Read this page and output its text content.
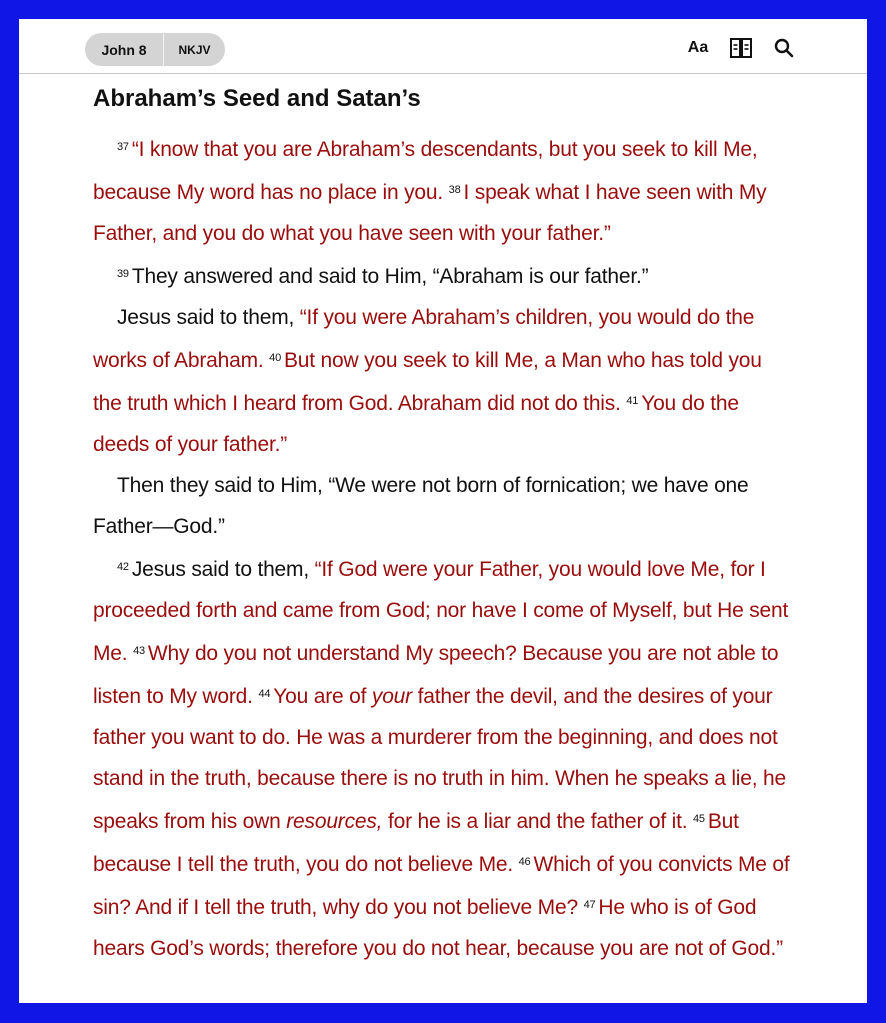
John 8	NKJV	Aa
Abraham’s Seed and Satan’s

$^{37}$ “I know that you are Abraham’s descendants, but you seek to kill Me, because My word has no place in you. $^{38}$ I speak what I have seen with My Father, and you do what you have seen with your father.”

$^{39}$ They answered and said to Him, “Abraham is our father.”

Jesus said to them, “If you were Abraham’s children, you would do the works of Abraham. $^{40}$ But now you seek to kill Me, a Man who has told you the truth which I heard from God. Abraham did not do this. $^{41}$ You do the deeds of your father.”

Then they said to Him, “We were not born of fornication; we have one Father—God.”

$^{42}$ Jesus said to them, “If God were your Father, you would love Me, for I proceeded forth and came from God; nor have I come of Myself, but He sent Me. $^{43}$ Why do you not understand My speech? Because you are not able to listen to My word. $^{44}$ You are of your father the devil, and the desires of your father you want to do. He was a murderer from the beginning, and does not stand in the truth, because there is no truth in him. When he speaks a lie, he speaks from his own resources, for he is a liar and the father of it. $^{45}$ But because I tell the truth, you do not believe Me. $^{46}$ Which of you convicts Me of sin? And if I tell the truth, why do you not believe Me? $^{47}$ He who is of God hears God’s words; therefore you do not hear, because you are not of God.”
